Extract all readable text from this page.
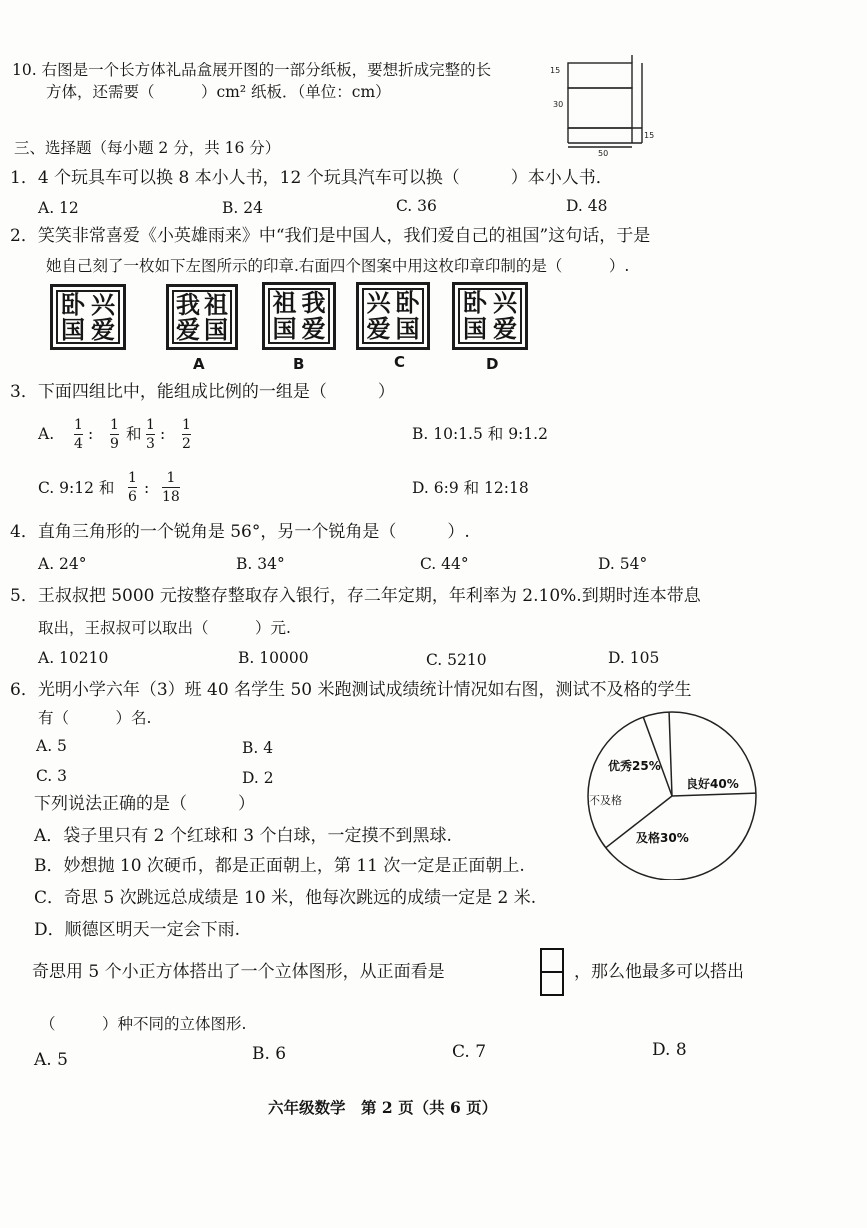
10. 右图是一个长方体礼品盒展开图的一部分纸板，要想折成完整的长
方体，还需要（　　　）cm² 纸板．（单位：cm）
15
30
15
50
三、选择题（每小题 2 分，共 16 分）
1．4 个玩具车可以换 8 本小人书，12 个玩具汽车可以换（　　　）本小人书．
A. 12	B. 24	C. 36	D. 48
2．笑笑非常喜爱《小英雄雨来》中“我们是中国人，我们爱自己的祖国”这句话，于是
她自己刻了一枚如下左图所示的印章.右面四个图案中用这枚印章印制的是（　　　）.
卧 兴
国 爱
我 祖
爱 国
祖 我
国 爱
兴 卧
爱 国
卧 兴
国 爱
A	B	C	D
3．下面四组比中，能组成比例的一组是（　　　）
A. 1
4
: 1
9
和 1
3
: 1
2
B. 10:1.5 和 9:1.2
C. 9:12 和
1
6 :
1
18	D. 6:9 和 12:18
4．直角三角形的一个锐角是 56°，另一个锐角是（　　　）.
A. 24°	B. 34°	C. 44°	D. 54°
5．王叔叔把 5000 元按整存整取存入银行，存二年定期，年利率为 2.10%.到期时连本带息
取出，王叔叔可以取出（　　　）元.
A. 10210	B. 10000	C. 5210	D. 105
6．光明小学六年（3）班 40 名学生 50 米跑测试成绩统计情况如右图，测试不及格的学生
有（　　　）名.
A. 5	B. 4
C. 3	D. 2
优秀25%
良好40%
及格30%
不及格
下列说法正确的是（　　　）
A．袋子里只有 2 个红球和 3 个白球，一定摸不到黑球.
B．妙想抛 10 次硬币，都是正面朝上，第 11 次一定是正面朝上.
C．奇思 5 次跳远总成绩是 10 米，他每次跳远的成绩一定是 2 米.
D．顺德区明天一定会下雨.
奇思用 5 个小正方体搭出了一个立体图形，从正面看是	，那么他最多可以搭出
（　　　）种不同的立体图形.
A. 5	B. 6	C. 7	D. 8
六年级数学　第 2 页（共 6 页）
